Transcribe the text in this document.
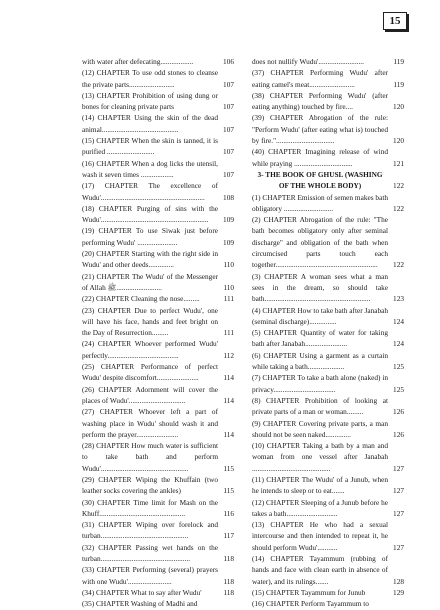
15
with water after defecating..................	106
(12) CHAPTER To use odd stones to cleanse the private parts.........................	107
(13) CHAPTER Prohibition of using dung or bones for cleaning private parts	107
(14) CHAPTER Using the skin of the dead animal..........................................	107
(15) CHAPTER When the skin is tanned, it is purified ..........................	107
(16) CHAPTER When a dog licks the utensil, wash it seven times ..................	107
(17) CHAPTER The excellence of Wudu'.........................................................	108
(18) CHAPTER Purging of sins with the Wudu'...........................................................	109
(19) CHAPTER To use Siwak just before performing Wudu' ......................	109
(20) CHAPTER Starting with the right side in Wudu' and other deeds..............	110
(21) CHAPTER The Wudu' of the Messenger of Allah ﷺ.........................	110
(22) CHAPTER Cleaning the nose.........	111
(23) CHAPTER Due to perfect Wudu', one will have his face, hands and feet bright on the Day of Resurrection.........	111
(24) CHAPTER Whoever performed Wudu' perfectly.......................................	112
(25) CHAPTER Performance of perfect Wudu' despite discomfort.......................	114
(26) CHAPTER Adornment will cover the places of Wudu'...............................	114
(27) CHAPTER Whoever left a part of washing place in Wudu' should wash it and perform the prayer.......................	114
(28) CHAPTER How much water is sufficient to take bath and perform Wudu'................................................	115
(29) CHAPTER Wiping the Khuffain (two leather socks covering the ankles)	115
(30) CHAPTER Time limit for Mash on the Khuff...............................................	116
(31) CHAPTER Wiping over forelock and turban................................................	117
(32) CHAPTER Passing wet hands on the turban.................................................	118
(33) CHAPTER Performing (several) prayers with one Wudu'........................	118
(34) CHAPTER What to say after Wudu'	118
(35) CHAPTER Washing of Madhi and
does not nullify Wudu'.........................	119
(37) CHAPTER Performing Wudu' after eating camel's meat.........................	119
(38) CHAPTER Performing Wudu' (after eating anything) touched by fire....	120
(39) CHAPTER Abrogation of the rule: "Perform Wudu' (after eating what is) touched by fire."................................	120
(40) CHAPTER Imagining release of wind while praying ................................	121
3- THE BOOK OF GHUSL (WASHING OF THE WHOLE BODY)	122
(1) CHAPTER Emission of semen makes bath obligatory ...........................	122
(2) CHAPTER Abrogation of the rule: "The bath becomes obligatory only after seminal discharge" and obligation of the bath when circumcised parts touch each together........................................................	122
(3) CHAPTER A woman sees what a man sees in the dream, so should take bath..........................................................	123
(4) CHAPTER How to take bath after Janabah (seminal discharge)...............	124
(5) CHAPTER Quantity of water for taking bath after Janabah.......................	124
(6) CHAPTER Using a garment as a curtain while taking a bath....................	125
(7) CHAPTER To take a bath alone (naked) in privacy..................................	125
(8) CHAPTER Prohibition of looking at private parts of a man or woman.........	126
(9) CHAPTER Covering private parts, a man should not be seen naked..............	126
(10) CHAPTER Taking a bath by a man and woman from one vessel after Janabah ...........................................	127
(11) CHAPTER The Wudu' of a Junub, when he intends to sleep or to eat.......	127
(12) CHAPTER Sleeping of a Junub before he takes a bath............................	127
(13) CHAPTER He who had a sexual intercourse and then intended to repeat it, he should perform Wudu'...........	127
(14) CHAPTER Tayammum (rubbing of hands and face with clean earth in absence of water), and its rulings.......	128
(15) CHAPTER Tayammum for Junub	129
(16) CHAPTER Perform Tayammum to
